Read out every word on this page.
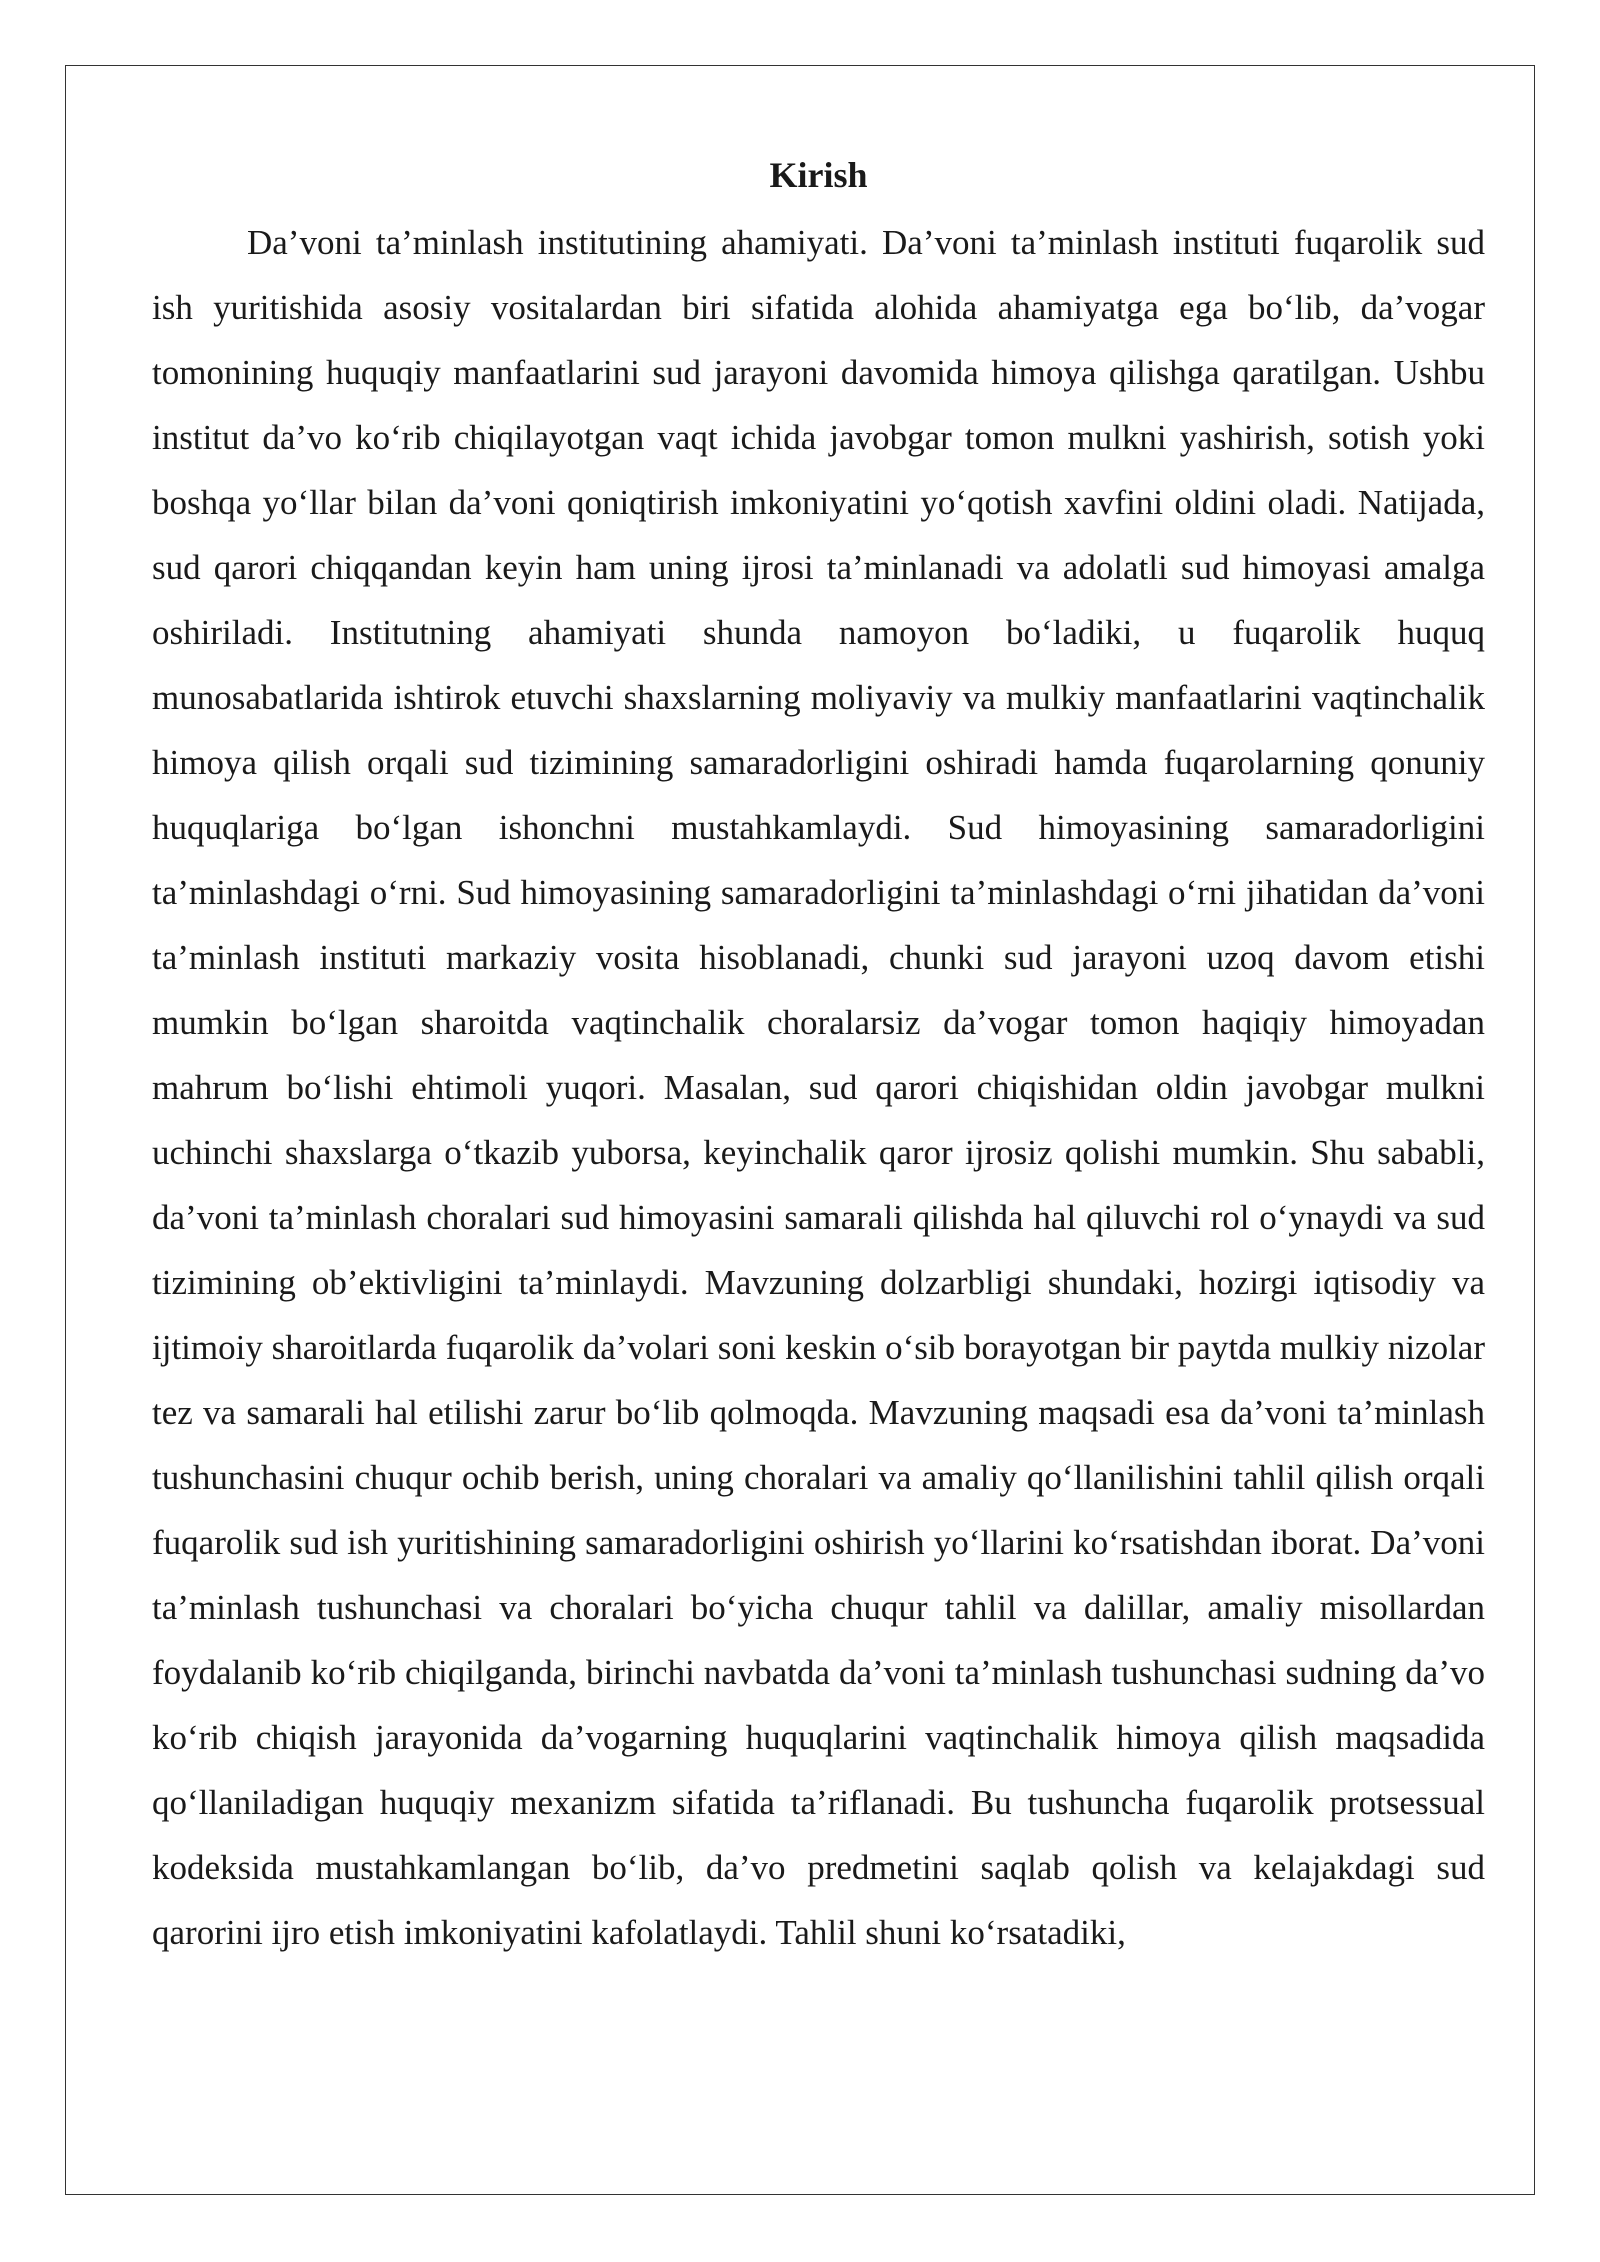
Kirish

Da’voni ta’minlash institutining ahamiyati. Da’voni ta’minlash instituti fuqarolik sud ish yuritishida asosiy vositalardan biri sifatida alohida ahamiyatga ega bo‘lib, da’vogar tomonining huquqiy manfaatlarini sud jarayoni davomida himoya qilishga qaratilgan. Ushbu institut da’vo ko‘rib chiqilayotgan vaqt ichida javobgar tomon mulkni yashirish, sotish yoki boshqa yo‘llar bilan da’voni qoniqtirish imkoniyatini yo‘qotish xavfini oldini oladi. Natijada, sud qarori chiqqandan keyin ham uning ijrosi ta’minlanadi va adolatli sud himoyasi amalga oshiriladi. Institutning ahamiyati shunda namoyon bo‘ladiki, u fuqarolik huquq munosabatlarida ishtirok etuvchi shaxslarning moliyaviy va mulkiy manfaatlarini vaqtinchalik himoya qilish orqali sud tizimining samaradorligini oshiradi hamda fuqarolarning qonuniy huquqlariga bo‘lgan ishonchni mustahkamlaydi. Sud himoyasining samaradorligini ta’minlashdagi o‘rni. Sud himoyasining samaradorligini ta’minlashdagi o‘rni jihatidan da’voni ta’minlash instituti markaziy vosita hisoblanadi, chunki sud jarayoni uzoq davom etishi mumkin bo‘lgan sharoitda vaqtinchalik choralarsiz da’vogar tomon haqiqiy himoyadan mahrum bo‘lishi ehtimoli yuqori. Masalan, sud qarori chiqishidan oldin javobgar mulkni uchinchi shaxslarga o‘tkazib yuborsa, keyinchalik qaror ijrosiz qolishi mumkin. Shu sababli, da’voni ta’minlash choralari sud himoyasini samarali qilishda hal qiluvchi rol o‘ynaydi va sud tizimining ob’ektivligini ta’minlaydi. Mavzuning dolzarbligi shundaki, hozirgi iqtisodiy va ijtimoiy sharoitlarda fuqarolik da’volari soni keskin o‘sib borayotgan bir paytda mulkiy nizolar tez va samarali hal etilishi zarur bo‘lib qolmoqda. Mavzuning maqsadi esa da’voni ta’minlash tushunchasini chuqur ochib berish, uning choralari va amaliy qo‘llanilishini tahlil qilish orqali fuqarolik sud ish yuritishining samaradorligini oshirish yo‘llarini ko‘rsatishdan iborat. Da’voni ta’minlash tushunchasi va choralari bo‘yicha chuqur tahlil va dalillar, amaliy misollardan foydalanib ko‘rib chiqilganda, birinchi navbatda da’voni ta’minlash tushunchasi sudning da’vo ko‘rib chiqish jarayonida da’vogarning huquqlarini vaqtinchalik himoya qilish maqsadida qo‘llaniladigan huquqiy mexanizm sifatida ta’riflanadi. Bu tushuncha fuqarolik protsessual kodeksida mustahkamlangan bo‘lib, da’vo predmetini saqlab qolish va kelajakdagi sud qarorini ijro etish imkoniyatini kafolatlaydi. Tahlil shuni ko‘rsatadiki,
